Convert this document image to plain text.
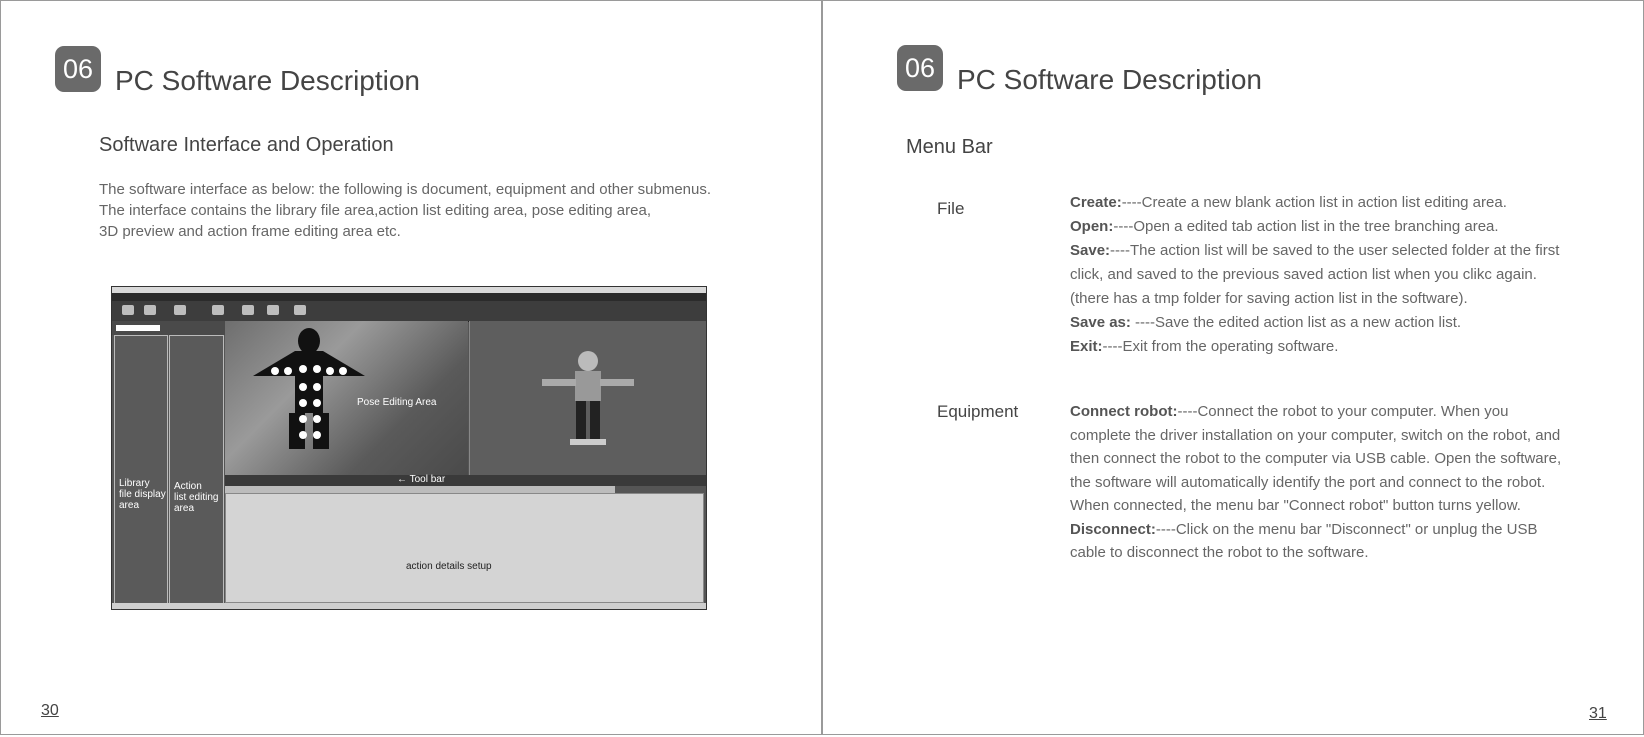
06 PC Software Description
Software Interface and Operation
The software interface as below: the following is document, equipment and other submenus.
The interface contains the library file area,action list editing area, pose editing area,
3D preview and action frame editing area etc.
Library
file display
area
Action
list editing
area
Pose Editing Area
← Tool bar
action details setup
30
06 PC Software Description
Menu Bar
File	Create:----Create a new blank action list in action list editing area.
Open:----Open a edited tab action list in the tree branching area.
Save:----The action list will be saved to the user selected folder at the first click, and saved to the previous saved action list when you clikc again. (there has a tmp folder for saving action list in the software).
Save as: ----Save the edited action list as a new action list.
Exit:----Exit from the operating software.
Equipment	Connect robot:----Connect the robot to your computer. When you complete the driver installation on your computer, switch on the robot, and then connect the robot to the computer via USB cable. Open the software, the software will automatically identify the port and connect to the robot. When connected, the menu bar "Connect robot" button turns yellow.
Disconnect:----Click on the menu bar "Disconnect" or unplug the USB cable to disconnect the robot to the software.
31
